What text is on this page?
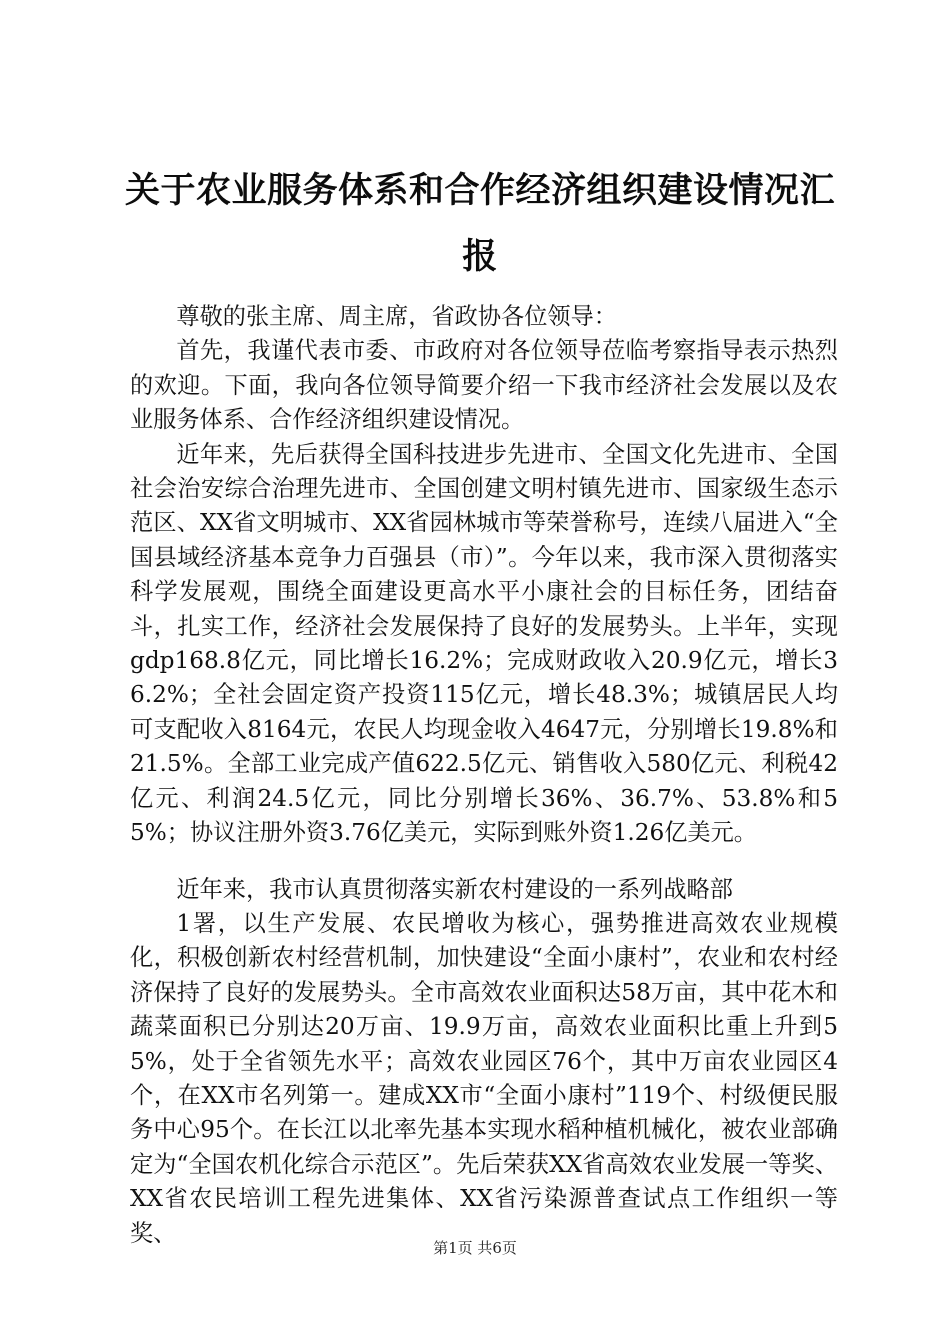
关于农业服务体系和合作经济组织建设情况汇报

尊敬的张主席、周主席，省政协各位领导：

首先，我谨代表市委、市政府对各位领导莅临考察指导表示热烈的欢迎。下面，我向各位领导简要介绍一下我市经济社会发展以及农业服务体系、合作经济组织建设情况。

近年来，先后获得全国科技进步先进市、全国文化先进市、全国社会治安综合治理先进市、全国创建文明村镇先进市、国家级生态示范区、XX省文明城市、XX省园林城市等荣誉称号，连续八届进入“全国县域经济基本竞争力百强县（市）”。今年以来，我市深入贯彻落实科学发展观，围绕全面建设更高水平小康社会的目标任务，团结奋斗，扎实工作，经济社会发展保持了良好的发展势头。上半年，实现gdp168.8亿元，同比增长16.2%；完成财政收入20.9亿元，增长36.2%；全社会固定资产投资115亿元，增长48.3%；城镇居民人均可支配收入8164元，农民人均现金收入4647元，分别增长19.8%和21.5%。全部工业完成产值622.5亿元、销售收入580亿元、利税42亿元、利润24.5亿元，同比分别增长36%、36.7%、53.8%和55%；协议注册外资3.76亿美元，实际到账外资1.26亿美元。

近年来，我市认真贯彻落实新农村建设的一系列战略部

1署，以生产发展、农民增收为核心，强势推进高效农业规模化，积极创新农村经营机制，加快建设“全面小康村”，农业和农村经济保持了良好的发展势头。全市高效农业面积达58万亩，其中花木和蔬菜面积已分别达20万亩、19.9万亩，高效农业面积比重上升到55%，处于全省领先水平；高效农业园区76个，其中万亩农业园区4个，在XX市名列第一。建成XX市“全面小康村”119个、村级便民服务中心95个。在长江以北率先基本实现水稻种植机械化，被农业部确定为“全国农机化综合示范区”。先后荣获XX省高效农业发展一等奖、XX省农民培训工程先进集体、XX省污染源普查试点工作组织一等奖、

第1页 共6页
